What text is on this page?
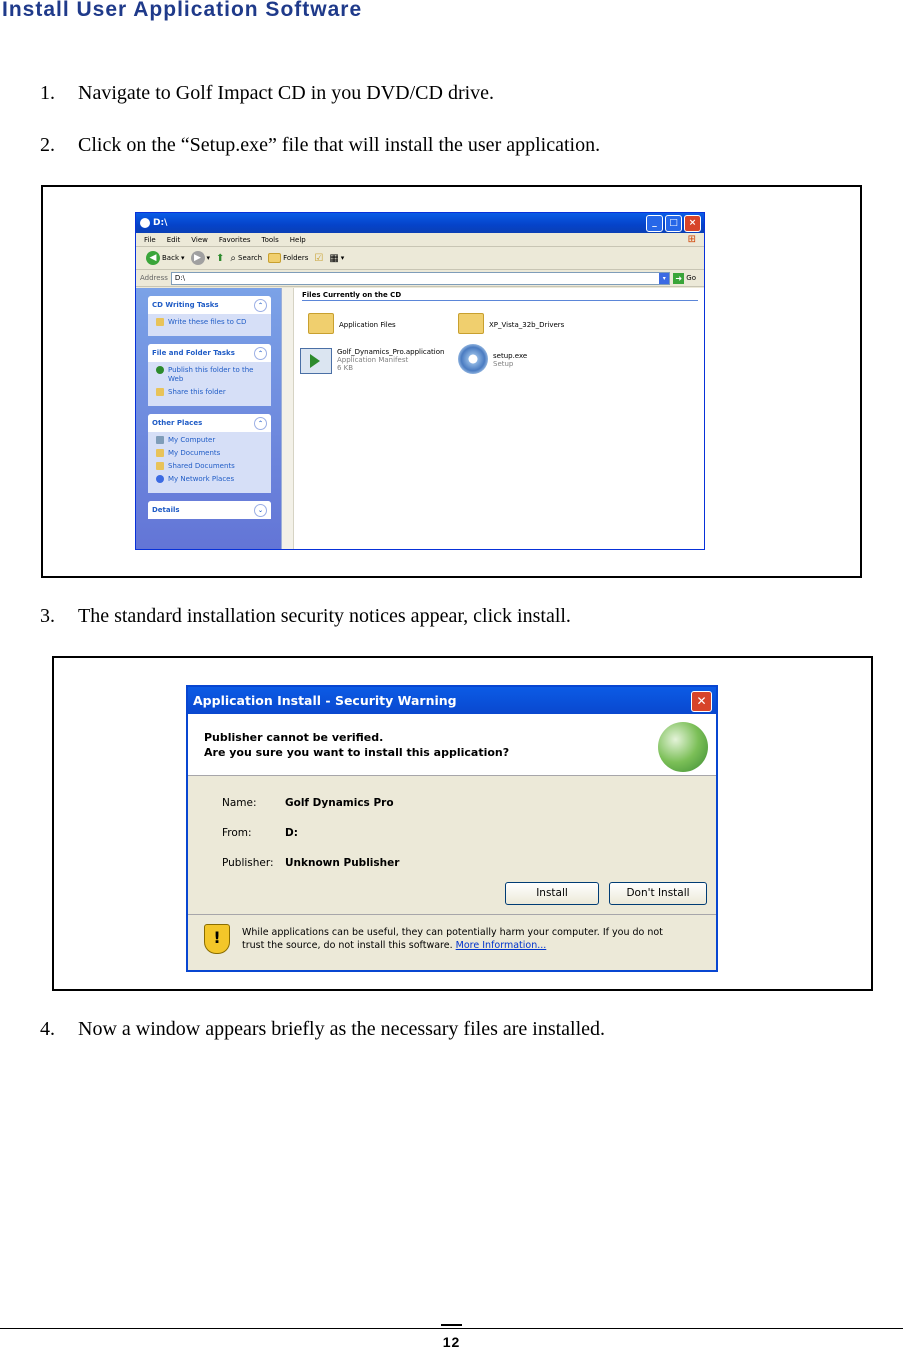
Install User Application Software
1. Navigate to Golf Impact CD in you DVD/CD drive.
2. Click on the “Setup.exe” file that will install the user application.
D:\	_	□	×
File Edit View Favorites Tools Help	⊞
◀ Back ▾	▶ ▾ ⬆ ⌕ Search	Folders ☑ ▦ ▾
Address	D:\	▾	➜ Go
CD Writing Tasks	⌃
Write these files to CD
File and Folder Tasks	⌃
Publish this folder to the Web
Share this folder
Other Places	⌃
My Computer
My Documents
Shared Documents
My Network Places
Details	⌄
Files Currently on the CD
Application Files	XP_Vista_32b_Drivers
Golf_Dynamics_Pro.application
Application Manifest
6 KB
setup.exe
Setup
3. The standard installation security notices appear, click install.
Application Install - Security Warning	✕
Publisher cannot be verified.
Are you sure you want to install this application?
Name:	Golf Dynamics Pro
From:	D:
Publisher:	Unknown Publisher
Install	Don't Install
!	While applications can be useful, they can potentially harm your computer. If you do not
trust the source, do not install this software. More Information...
4. Now a window appears briefly as the necessary files are installed.
12
